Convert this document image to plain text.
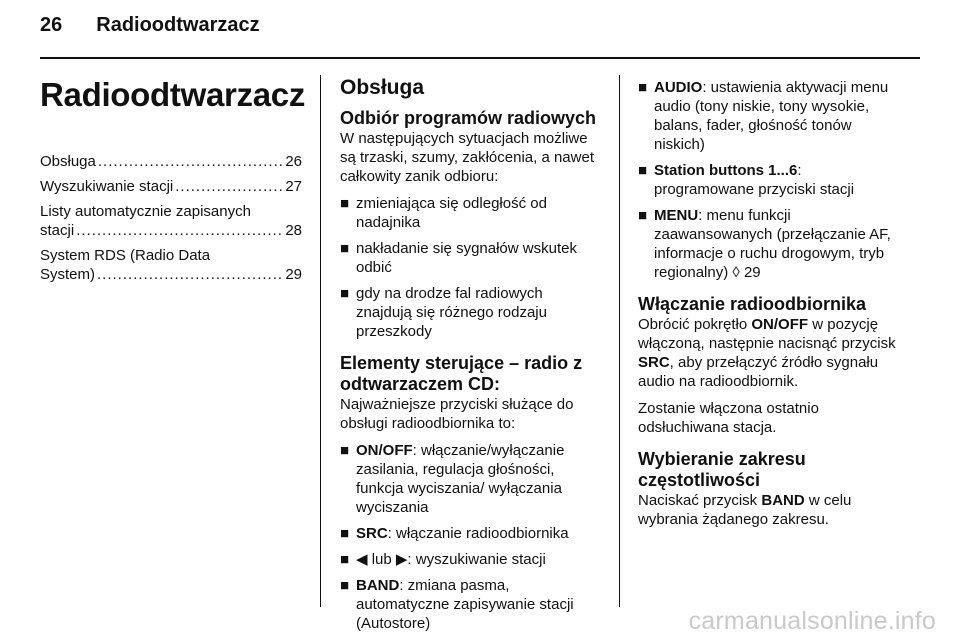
26 Radioodtwarzacz
Radioodtwarzacz
Obsługa .....	26
Wyszukiwanie stacji .....	27
Listy automatycznie zapisanych
stacji .....	28
System RDS (Radio Data
System) .....	29
Obsługa
Odbiór programów radiowych

W następujących sytuacjach możliwe są trzaski, szumy, zakłócenia, a nawet całkowity zanik odbioru:

■ zmieniająca się odległość od nadajnika
■ nakładanie się sygnałów wskutek odbić
■ gdy na drodze fal radiowych znajdują się różnego rodzaju przeszkody
Elementy sterujące – radio z odtwarzaczem CD:

Najważniejsze przyciski służące do obsługi radioodbiornika to:

■ ON/OFF: włączanie/wyłączanie zasilania, regulacja głośności, funkcja wyciszania/ wyłączania wyciszania
■ SRC: włączanie radioodbiornika
■ ◀ lub ▶: wyszukiwanie stacji
■ BAND: zmiana pasma, automatyczne zapisywanie stacji (Autostore)
■ AUDIO: ustawienia aktywacji menu audio (tony niskie, tony wysokie, balans, fader, głośność tonów niskich)
■ Station buttons 1...6: programowane przyciski stacji
■ MENU: menu funkcji zaawansowanych (przełączanie AF, informacje o ruchu drogowym, tryb regionalny) ◊ 29
Włączanie radioodbiornika

Obrócić pokrętło ON/OFF w pozycję włączoną, następnie nacisnąć przycisk SRC, aby przełączyć źródło sygnału audio na radioodbiornik.

Zostanie włączona ostatnio odsłuchiwana stacja.

Wybieranie zakresu częstotliwości

Naciskać przycisk BAND w celu wybrania żądanego zakresu.

carmanualsonline.info
